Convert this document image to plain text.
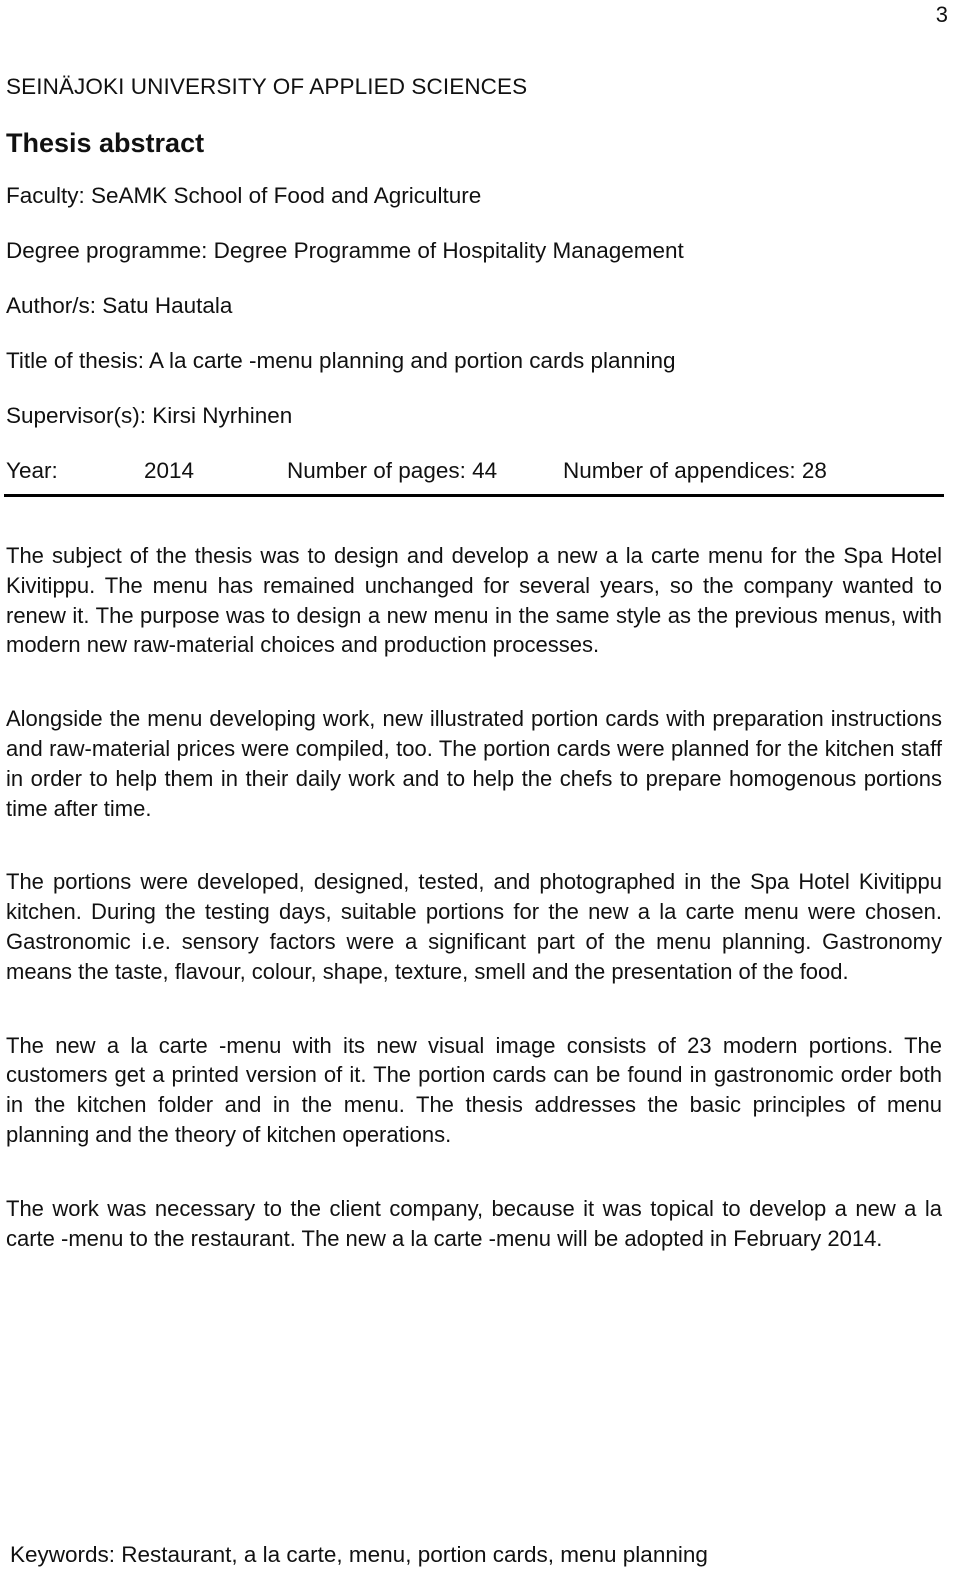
3

SEINÄJOKI UNIVERSITY OF APPLIED SCIENCES

Thesis abstract

Faculty: SeAMK School of Food and Agriculture

Degree programme: Degree Programme of Hospitality Management

Author/s: Satu Hautala

Title of thesis: A la carte -menu planning and portion cards planning

Supervisor(s): Kirsi Nyrhinen

Year:	2014	Number of pages: 44	Number of appendices: 28

The subject of the thesis was to design and develop a new a la carte menu for the Spa Hotel Kivitippu. The menu has remained unchanged for several years, so the company wanted to renew it. The purpose was to design a new menu in the same style as the previous menus, with modern new raw-material choices and production processes.

Alongside the menu developing work, new illustrated portion cards with preparation instructions and raw-material prices were compiled, too. The portion cards were planned for the kitchen staff in order to help them in their daily work and to help the chefs to prepare homogenous portions time after time.

The portions were developed, designed, tested, and photographed in the Spa Hotel Kivitippu kitchen. During the testing days, suitable portions for the new a la carte menu were chosen. Gastronomic i.e. sensory factors were a significant part of the menu planning. Gastronomy means the taste, flavour, colour, shape, texture, smell and the presentation of the food.

The new a la carte -menu with its new visual image consists of 23 modern portions. The customers get a printed version of it. The portion cards can be found in gastronomic order both in the kitchen folder and in the menu. The thesis addresses the basic principles of menu planning and the theory of kitchen operations.

The work was necessary to the client company, because it was topical to develop a new a la carte -menu to the restaurant. The new a la carte -menu will be adopted in February 2014.

Keywords: Restaurant, a la carte, menu, portion cards, menu planning
